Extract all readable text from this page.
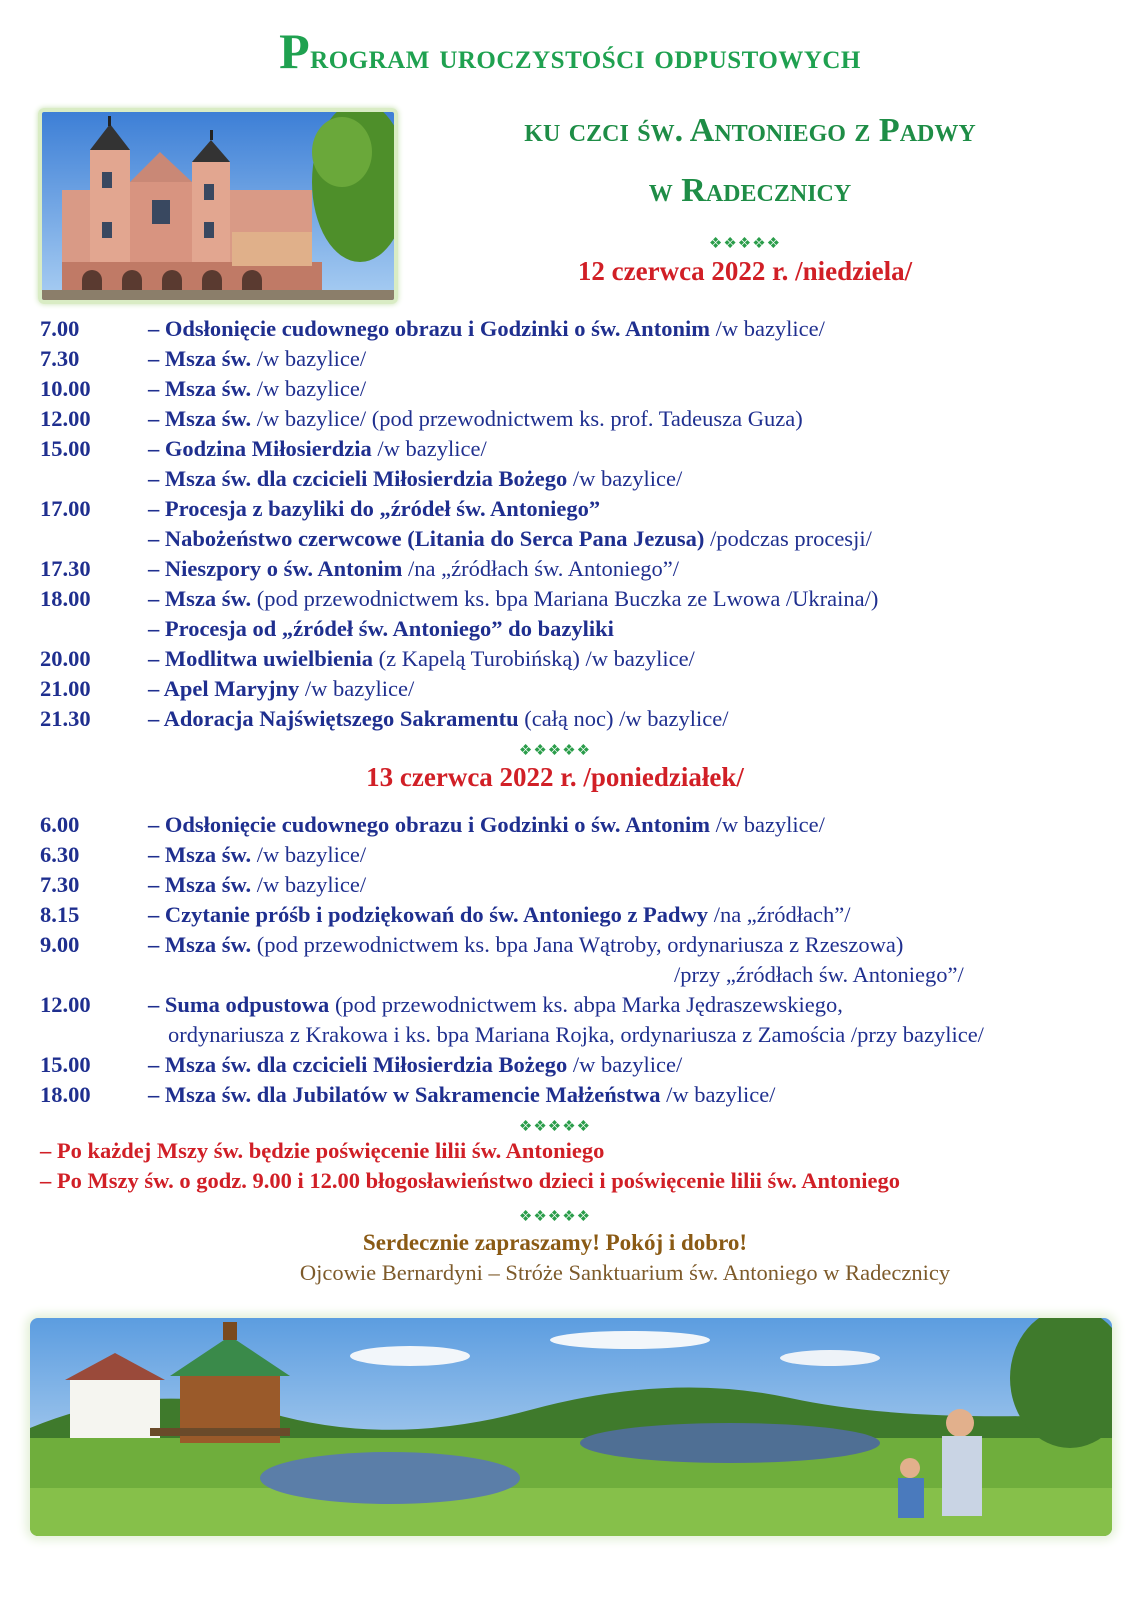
Program uroczystości odpustowych
ku czci św. Antoniego z Padwy
w Radecznicy
❖❖❖❖❖
12 czerwca 2022 r. /niedziela/
7.00	– Odsłonięcie cudownego obrazu i Godzinki o św. Antonim /w bazylice/
7.30	– Msza św. /w bazylice/
10.00	– Msza św. /w bazylice/
12.00	– Msza św. /w bazylice/ (pod przewodnictwem ks. prof. Tadeusza Guza)
15.00	– Godzina Miłosierdzia /w bazylice/
– Msza św. dla czcicieli Miłosierdzia Bożego /w bazylice/
17.00	– Procesja z bazyliki do „źródeł św. Antoniego”
– Nabożeństwo czerwcowe (Litania do Serca Pana Jezusa) /podczas procesji/
17.30	– Nieszpory o św. Antonim /na „źródłach św. Antoniego”/
18.00	– Msza św. (pod przewodnictwem ks. bpa Mariana Buczka ze Lwowa /Ukraina/)
– Procesja od „źródeł św. Antoniego” do bazyliki
20.00	– Modlitwa uwielbienia (z Kapelą Turobińską) /w bazylice/
21.00	– Apel Maryjny /w bazylice/
21.30	– Adoracja Najświętszego Sakramentu (całą noc) /w bazylice/
❖❖❖❖❖
13 czerwca 2022 r. /poniedziałek/
6.00	– Odsłonięcie cudownego obrazu i Godzinki o św. Antonim /w bazylice/
6.30	– Msza św. /w bazylice/
7.30	– Msza św. /w bazylice/
8.15	– Czytanie próśb i podziękowań do św. Antoniego z Padwy /na „źródłach”/
9.00	– Msza św. (pod przewodnictwem ks. bpa Jana Wątroby, ordynariusza z Rzeszowa)
/przy „źródłach św. Antoniego”/
12.00	– Suma odpustowa (pod przewodnictwem ks. abpa Marka Jędraszewskiego,
ordynariusza z Krakowa i ks. bpa Mariana Rojka, ordynariusza z Zamościa /przy bazylice/
15.00	– Msza św. dla czcicieli Miłosierdzia Bożego /w bazylice/
18.00	– Msza św. dla Jubilatów w Sakramencie Małżeństwa /w bazylice/
❖❖❖❖❖
– Po każdej Mszy św. będzie poświęcenie lilii św. Antoniego
– Po Mszy św. o godz. 9.00 i 12.00 błogosławieństwo dzieci i poświęcenie lilii św. Antoniego
❖❖❖❖❖
Serdecznie zapraszamy! Pokój i dobro!
Ojcowie Bernardyni – Stróże Sanktuarium św. Antoniego w Radecznicy
